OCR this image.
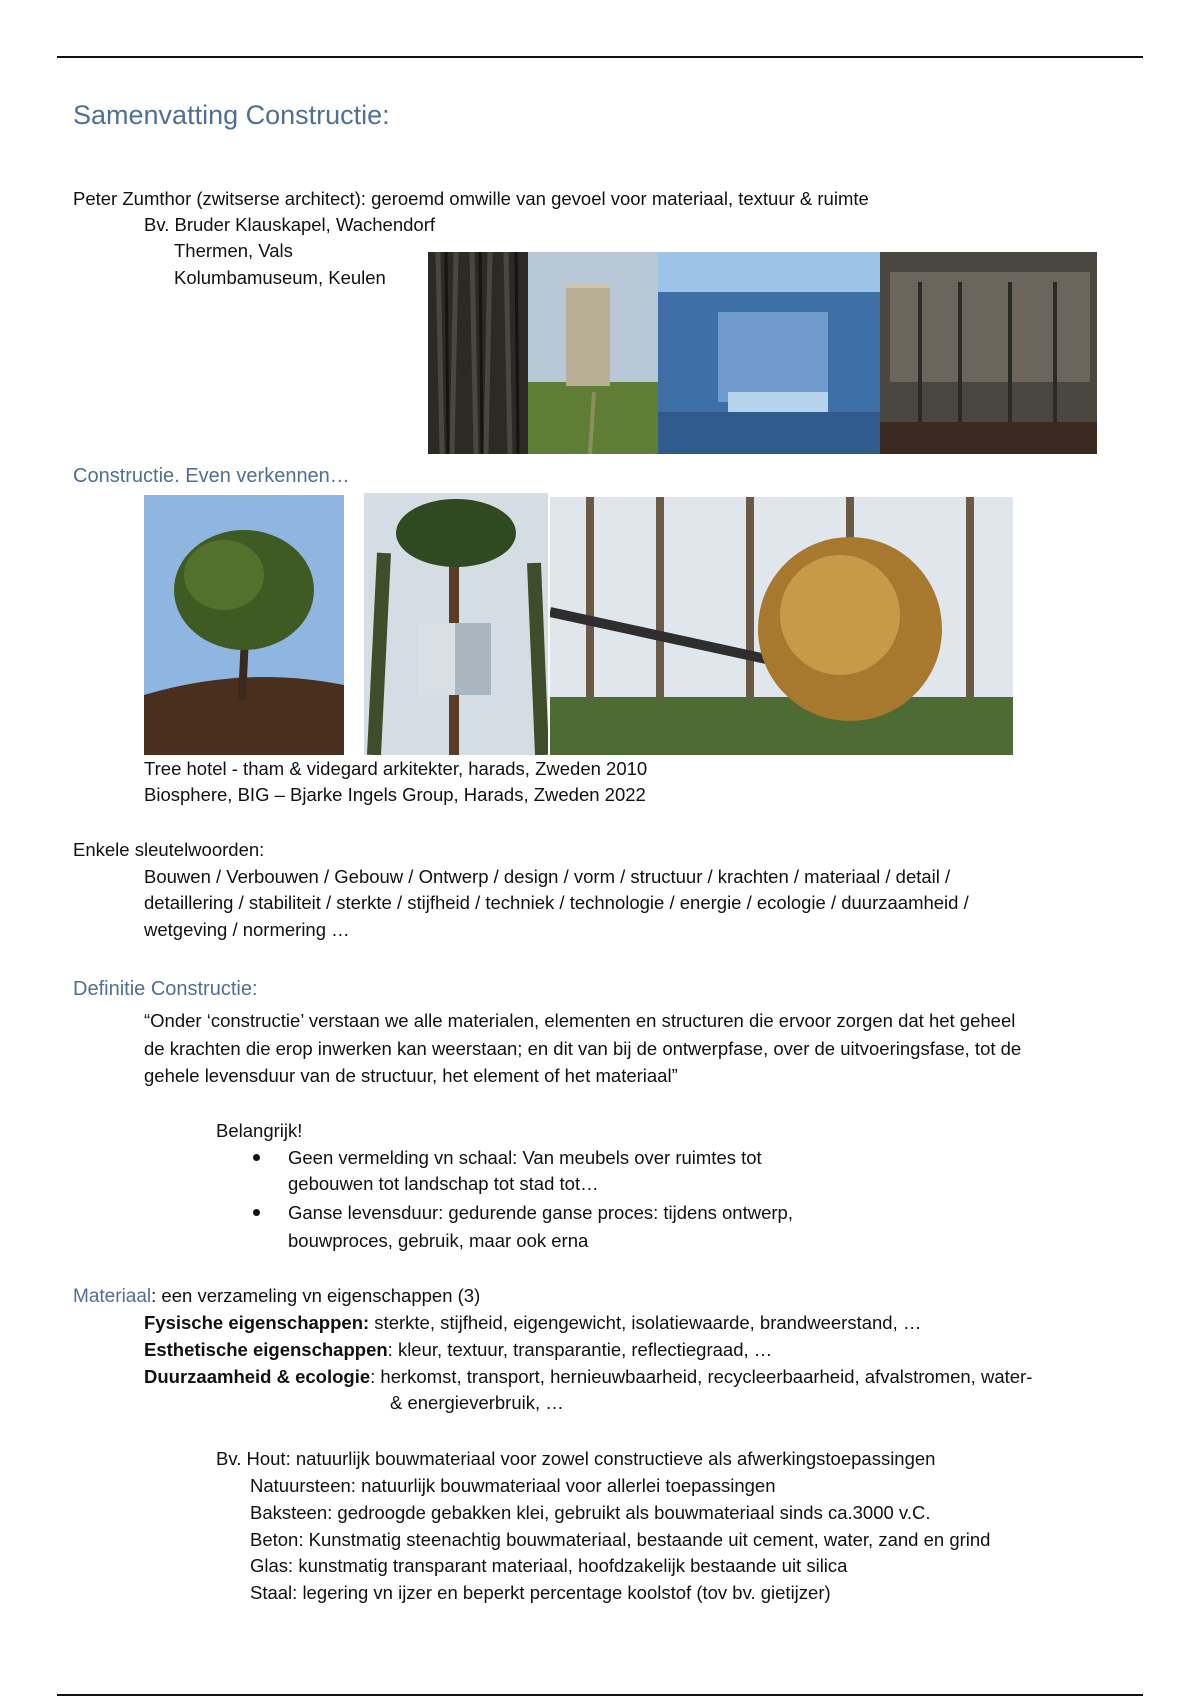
Samenvatting Constructie:
Peter Zumthor (zwitserse architect): geroemd omwille van gevoel voor materiaal, textuur & ruimte
Bv. Bruder Klauskapel, Wachendorf
Thermen, Vals
Kolumbamuseum, Keulen
Constructie. Even verkennen…
Tree hotel - tham & videgard arkitekter, harads, Zweden 2010
Biosphere, BIG – Bjarke Ingels Group, Harads, Zweden 2022
Enkele sleutelwoorden:
Bouwen / Verbouwen / Gebouw / Ontwerp / design / vorm / structuur / krachten / materiaal / detail /
detaillering / stabiliteit / sterkte / stijfheid / techniek / technologie / energie / ecologie / duurzaamheid /
wetgeving / normering …
Definitie Constructie:
“Onder ‘constructie’ verstaan we alle materialen, elementen en structuren die ervoor zorgen dat het geheel
de krachten die erop inwerken kan weerstaan; en dit van bij de ontwerpfase, over de uitvoeringsfase, tot de
gehele levensduur van de structuur, het element of het materiaal”
Belangrijk!
Geen vermelding vn schaal: Van meubels over ruimtes tot
gebouwen tot landschap tot stad tot…
Ganse levensduur: gedurende ganse proces: tijdens ontwerp,
bouwproces, gebruik, maar ook erna
Materiaal: een verzameling vn eigenschappen (3)
Fysische eigenschappen: sterkte, stijfheid, eigengewicht, isolatiewaarde, brandweerstand, …
Esthetische eigenschappen: kleur, textuur, transparantie, reflectiegraad, …
Duurzaamheid & ecologie: herkomst, transport, hernieuwbaarheid, recycleerbaarheid, afvalstromen, water-
& energieverbruik, …
Bv. Hout: natuurlijk bouwmateriaal voor zowel constructieve als afwerkingstoepassingen
Natuursteen: natuurlijk bouwmateriaal voor allerlei toepassingen
Baksteen: gedroogde gebakken klei, gebruikt als bouwmateriaal sinds ca.3000 v.C.
Beton: Kunstmatig steenachtig bouwmateriaal, bestaande uit cement, water, zand en grind
Glas: kunstmatig transparant materiaal, hoofdzakelijk bestaande uit silica
Staal: legering vn ijzer en beperkt percentage koolstof (tov bv. gietijzer)
